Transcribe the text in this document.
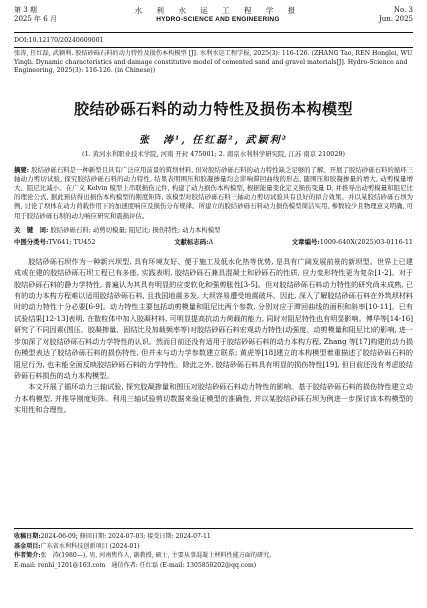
第 3 期
2025 年 6 月
水 利 水 运 工 程 学 报
HYDRO-SCIENCE AND ENGINEERING
No. 3
Jun. 2025
DOI:10.12170/20240609001
张涛, 任红磊, 武颖利. 胶结砂砾石料的动力特性及损伤本构模型 [J]. 水利水运工程学报, 2025(3): 116-126. (ZHANG Tao, REN Honglei, WU Yingli. Dynamic characteristics and damage constitutive model of cemented sand and gravel materials[J]. Hydro-Science and Engineering, 2025(3): 116-126. (in Chinese))
胶结砂砾石料的动力特性及损伤本构模型
张　涛¹, 任红磊², 武颖利²
(1. 黄河水利职业技术学院, 河南 开封 475001; 2. 南京水利科学研究院, 江苏 南京 210029)
摘要: 胶结砂砾石料是一种新型且具有广泛应用前景的筑坝材料, 但对胶结砂砾石料的动力特性缺乏足够的了解。开展了胶结砂砾石料的循环三轴动力剪切试验, 探究胶结砂砾石料的动力特性, 结果表明围压和胶凝掺量均会影响滞回曲线的形态, 随围压和胶凝掺量的增大, 动剪模量增大、阻尼比减小。在广义 Kelvin 模型上串联损伤元件, 构建了动力损伤本构模型, 根据能量变化定义损伤变量 D, 并推导出动剪模量和阻尼比的理论公式, 据此预估得出损伤本构模型的刚度矩阵, 该模型对胶结砂砾石料三轴动力剪切试验具有良好的拟合效果。并以某胶结砂砾石坝为例, 讨论了坝体在动力荷载作用下的加速度响应及损伤分布规律。所建立的胶结砂砾石料动力损伤模型简洁实用, 参数较少且物理意义明确, 可用于胶结砂砾石坝的动力响应研究和震损评估。
关　键　词: 胶结砂砾石料; 动剪切模量; 阻尼比; 损伤特性; 动力本构模型
中图分类号:TV641; TU452	文献标志码:A	文章编号:1009-640X(2025)03-0116-11

胶结砂砾石坝作为一种新兴坝型, 具有环境友好、便于施工及低水化热等优势, 是具有广阔发展前景的新坝型。世界上已建成或在建的胶结砂砾石坝工程已有多座, 实践表明, 胶结砂砾石兼具混凝土和砂砾石的性质, 应力变形特性更为复杂[1-2]。对于胶结砂砾石料的静力学特性, 普遍认为其具有明显的应变软化和强剪胀性[3-5]。但对胶结砂砾石料动力特性的研究尚未成熟, 已有的动力本构方程难以适用胶结砂砾石料, 且我国地震多发, 大坝容易遭受地震破坏。因此, 深入了解胶结砂砾石料在外筑坝材料时的动力特性十分必要[6-9]。动力特性主要包括动剪模量和阻尼比两个参数, 分别对应于滞回曲线的面积和斜率[10-11]。已有试验结果[12-13]表明, 在散粒体中加入胶凝材料, 可明显提高抗动力荷载的能力, 同时对阻尼特性也有明显影响。傅华等[14-16]研究了不同因素(围压、胶凝掺量、固结比及加载频率等)对胶结砂砾石料宏观动力特性(动强度、动剪模量和阻尼比)的影响, 进一步加深了对胶结砂砾石料动力学特性的认识。然而目前还没有适用于胶结砂砾石料的动力本构方程, Zhang 等[17]构建的动力损伤模型表达了胶结砂砾石料的损伤特性, 但并未与动力学参数建立联系; 黄虎等[18]建立的本构模型着重描述了胶结砂砾石料的阻尼行为, 也未能全面反映胶结砂砾石料的力学特性。除此之外, 胶结砂砾石料具有明显的损伤特性[19], 但目前还没有考虑胶结砂砾石料损伤的动力本构模型。

本文开展了循环动力三轴试验, 探究胶凝掺量和围压对胶结砂砾石料动力特性的影响。基于胶结砂砾石料的损伤特性建立动力本构模型, 并推导刚度矩阵。利用三轴试验剪切数据来验证模型的准确性, 并以某胶结砂砾石坝为例进一步探讨该本构模型的实用性和合理性。

收稿日期:2024-06-09; 修回日期: 2024-07-03; 接受日期: 2024-07-11
基金项目:广东省水利科技创新项目 (2024-01)
作者简介:张　涛(1980—), 男, 河南焦作人, 副教授, 硕士, 主要从事混凝土材料性能方面的研究。
E-mail: renhl_1201@163.com　通信作者: 任红磊 (E-mail: 1305850202@qq.com)
